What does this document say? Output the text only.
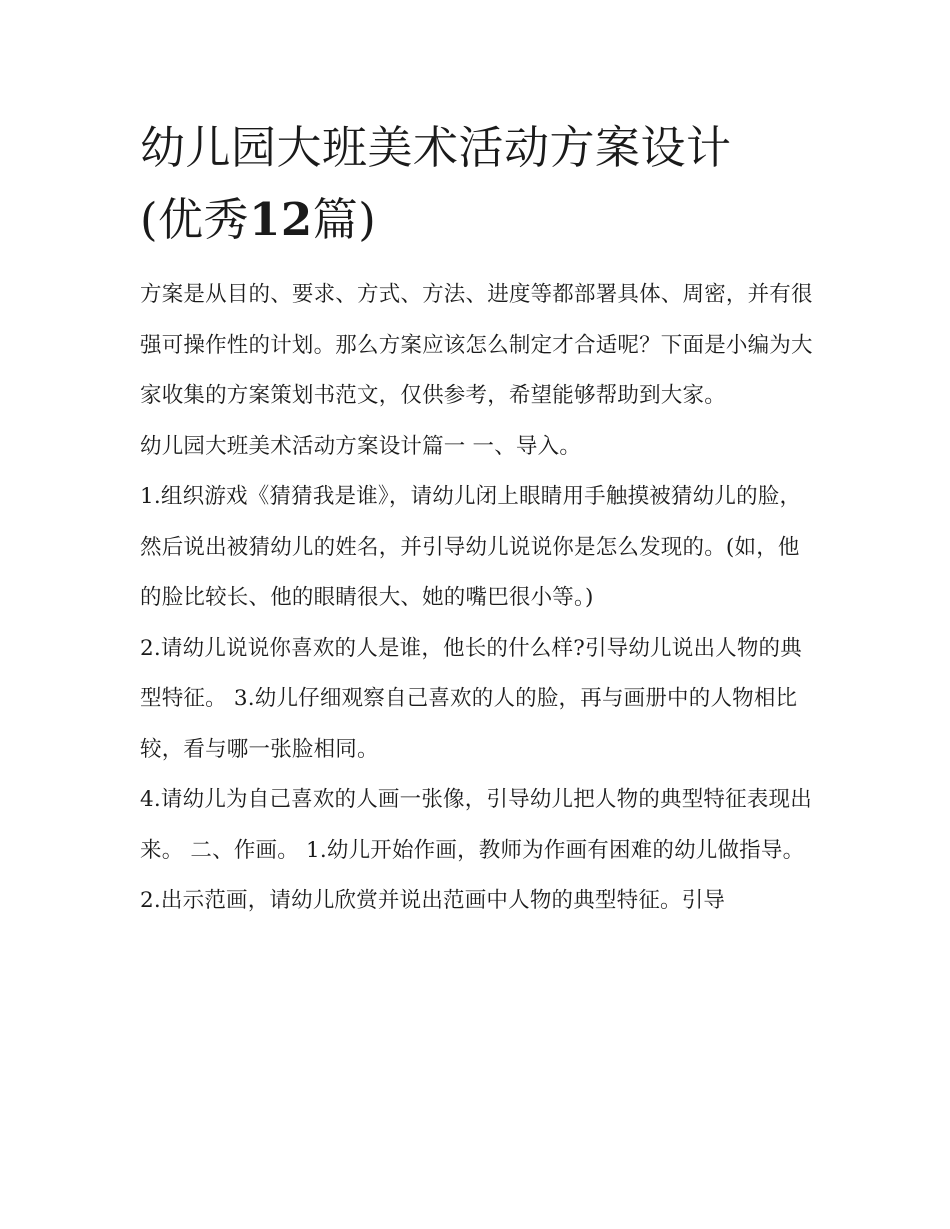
幼儿园大班美术活动方案设计
(优秀12篇)

方案是从目的、要求、方式、方法、进度等都部署具体、周密，并有很强可操作性的计划。那么方案应该怎么制定才合适呢？下面是小编为大家收集的方案策划书范文，仅供参考，希望能够帮助到大家。

幼儿园大班美术活动方案设计篇一 一、导入。

1.组织游戏《猜猜我是谁》，请幼儿闭上眼睛用手触摸被猜幼儿的脸，然后说出被猜幼儿的姓名，并引导幼儿说说你是怎么发现的。(如，他的脸比较长、他的眼睛很大、她的嘴巴很小等。)

2.请幼儿说说你喜欢的人是谁，他长的什么样?引导幼儿说出人物的典型特征。 3.幼儿仔细观察自己喜欢的人的脸，再与画册中的人物相比较，看与哪一张脸相同。

4.请幼儿为自己喜欢的人画一张像，引导幼儿把人物的典型特征表现出来。 二、作画。 1.幼儿开始作画，教师为作画有困难的幼儿做指导。

2.出示范画，请幼儿欣赏并说出范画中人物的典型特征。引导
